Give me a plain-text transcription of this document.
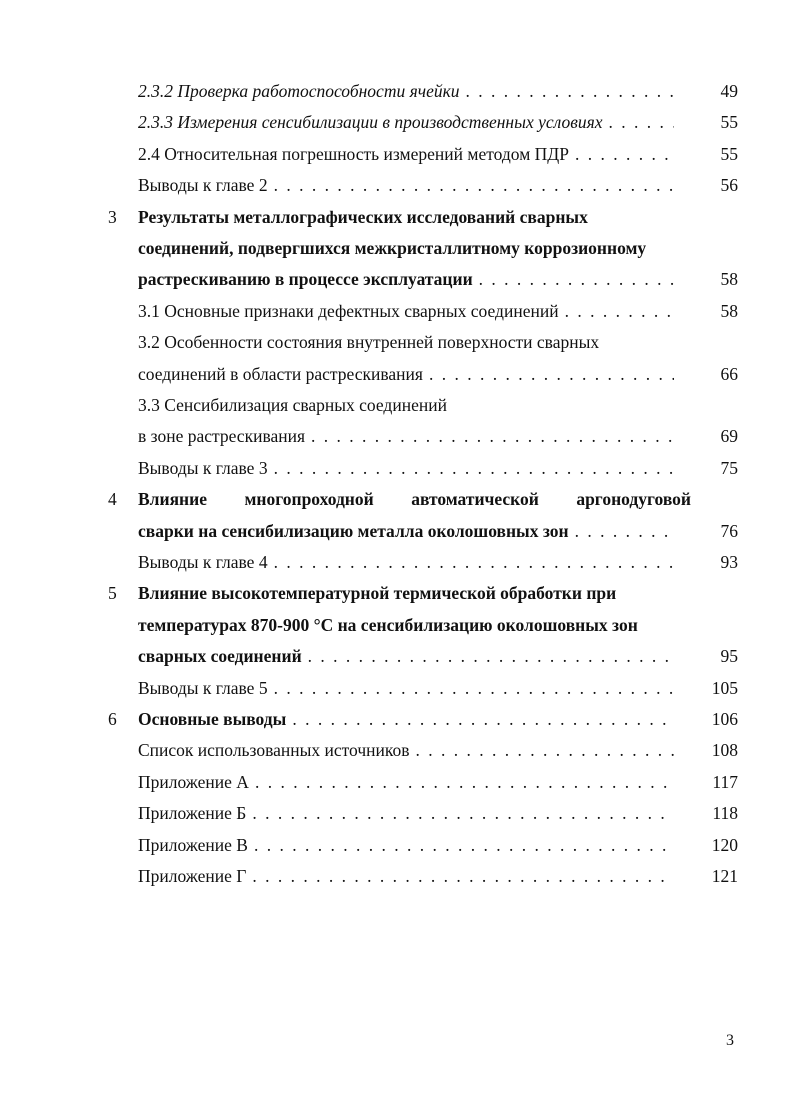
2.3.2 Проверка работоспособности ячейки . . .	49
2.3.3 Измерения сенсибилизации в производственных условиях . . .	55
2.4 Относительная погрешность измерений методом ПДР . . .	55
Выводы к главе 2 . . .	56
3	Результаты металлографических исследований сварных
соединений, подвергшихся межкристаллитному коррозионному
растрескиванию в процессе эксплуатации . . .	58
3.1 Основные признаки дефектных сварных соединений . . .	58
3.2 Особенности состояния внутренней поверхности сварных
соединений в области растрескивания . . .	66
3.3 Сенсибилизация сварных соединений
в зоне растрескивания . . .	69
Выводы к главе 3 . . .	75
4	Влияние многопроходной автоматической аргонодуговой
сварки на сенсибилизацию металла околошовных зон . . .	76
Выводы к главе 4 . . .	93
5	Влияние высокотемпературной термической обработки при
температурах 870-900 °С на сенсибилизацию околошовных зон
сварных соединений . . .	95
Выводы к главе 5 . . .	105
6	Основные выводы . . .	106
Список использованных источников . . .	108
Приложение А . . .	117
Приложение Б . . .	118
Приложение В . . .	120
Приложение Г . . .	121
3
